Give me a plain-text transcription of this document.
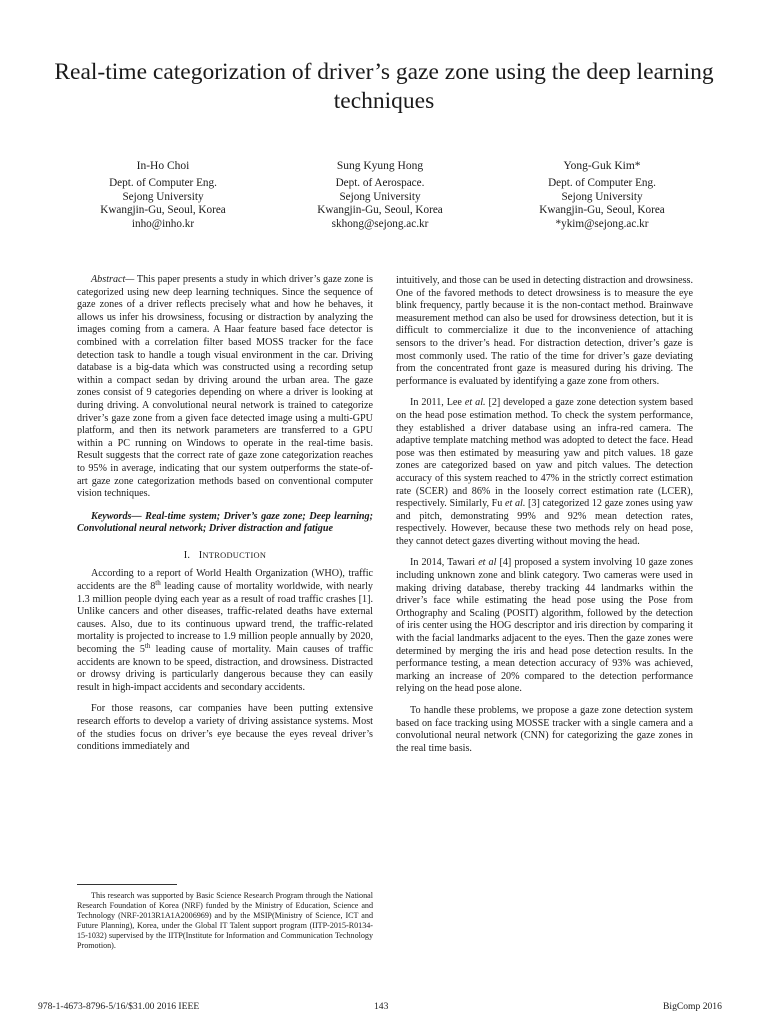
Real-time categorization of driver’s gaze zone using the deep learning techniques
In-Ho Choi
Dept. of Computer Eng.
Sejong University
Kwangjin-Gu, Seoul, Korea
inho@inho.kr
Sung Kyung Hong
Dept. of Aerospace.
Sejong University
Kwangjin-Gu, Seoul, Korea
skhong@sejong.ac.kr
Yong-Guk Kim*
Dept. of Computer Eng.
Sejong University
Kwangjin-Gu, Seoul, Korea
*ykim@sejong.ac.kr

Abstract— This paper presents a study in which driver’s gaze zone is categorized using new deep learning techniques. Since the sequence of gaze zones of a driver reflects precisely what and how he behaves, it allows us infer his drowsiness, focusing or distraction by analyzing the images coming from a camera. A Haar feature based face detector is combined with a correlation filter based MOSS tracker for the face detection task to handle a tough visual environment in the car. Driving database is a big-data which was constructed using a recording setup within a compact sedan by driving around the urban area. The gaze zones consist of 9 categories depending on where a driver is looking at during driving. A convolutional neural network is trained to categorize driver’s gaze zone from a given face detected image using a multi-GPU platform, and then its network parameters are transferred to a GPU within a PC running on Windows to operate in the real-time basis. Result suggests that the correct rate of gaze zone categorization reaches to 95% in average, indicating that our system outperforms the state-of-art gaze zone categorization methods based on conventional computer vision techniques.

Keywords— Real-time system; Driver’s gaze zone; Deep learning; Convolutional neural network; Driver distraction and fatigue

I. INTRODUCTION

According to a report of World Health Organization (WHO), traffic accidents are the 8th leading cause of mortality worldwide, with nearly 1.3 million people dying each year as a result of road traffic crashes [1]. Unlike cancers and other diseases, traffic-related deaths have external causes. Also, due to its continuous upward trend, the traffic-related mortality is projected to increase to 1.9 million people annually by 2020, becoming the 5th leading cause of mortality. Main causes of traffic accidents are known to be speed, distraction, and drowsiness. Distracted or drowsy driving is particularly dangerous because they can easily result in high-impact accidents and secondary accidents.

For those reasons, car companies have been putting extensive research efforts to develop a variety of driving assistance systems. Most of the studies focus on driver’s eye because the eyes reveal driver’s conditions immediately and

intuitively, and those can be used in detecting distraction and drowsiness. One of the favored methods to detect drowsiness is to measure the eye blink frequency, partly because it is the non-contact method. Brainwave measurement method can also be used for drowsiness detection, but it is difficult to commercialize it due to the inconvenience of attaching sensors to the driver’s head. For distraction detection, driver’s gaze is most commonly used. The ratio of the time for driver’s gaze deviating from the concentrated front gaze is measured during his driving. The performance is evaluated by identifying a gaze zone from others.

In 2011, Lee et al. [2] developed a gaze zone detection system based on the head pose estimation method. To check the system performance, they established a driver database using an infra-red camera. The adaptive template matching method was adopted to detect the face. Head pose was then estimated by measuring yaw and pitch values. 18 gaze zones are categorized based on yaw and pitch values. The detection accuracy of this system reached to 47% in the strictly correct estimation rate (SCER) and 86% in the loosely correct estimation rate (LCER), respectively. Similarly, Fu et al. [3] categorized 12 gaze zones using yaw and pitch, demonstrating 99% and 92% mean detection rates, respectively. However, because these two methods rely on head pose, they cannot detect gazes diverting without moving the head.

In 2014, Tawari et al [4] proposed a system involving 10 gaze zones including unknown zone and blink category. Two cameras were used in making driving database, thereby tracking 44 landmarks within the driver’s face while estimating the head pose using the Pose from Orthography and Scaling (POSIT) algorithm, followed by the detection of iris center using the HOG descriptor and iris direction by comparing it with the facial landmarks adjacent to the eyes. Then the gaze zones were determined by merging the iris and head pose detection results. In the performance testing, a mean detection accuracy of 93% was achieved, marking an increase of 20% compared to the detection performance relying on the head pose alone.

To handle these problems, we propose a gaze zone detection system based on face tracking using MOSSE tracker with a single camera and a convolutional neural network (CNN) for categorizing the gaze zones in the real time basis.

This research was supported by Basic Science Research Program through the National Research Foundation of Korea (NRF) funded by the Ministry of Education, Science and Technology (NRF-2013R1A1A2006969) and by the MSIP(Ministry of Science, ICT and Future Planning), Korea, under the Global IT Talent support program (IITP-2015-R0134-15-1032) supervised by the IITP(Institute for Information and Communication Technology Promotion).
978-1-4673-8796-5/16/$31.00 2016 IEEE	143	BigComp 2016
